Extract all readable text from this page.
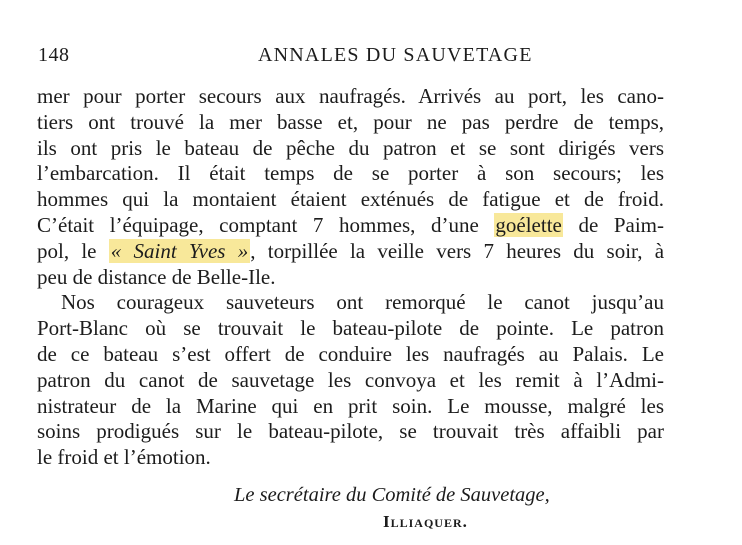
148	ANNALES DU SAUVETAGE
mer pour porter secours aux naufragés. Arrivés au port, les cano-
tiers ont trouvé la mer basse et, pour ne pas perdre de temps,
ils ont pris le bateau de pêche du patron et se sont dirigés vers
l’embarcation. Il était temps de se porter à son secours; les
hommes qui la montaient étaient exténués de fatigue et de froid.
C’était l’équipage, comptant 7 hommes, d’une goélette de Paim-
pol, le « Saint Yves », torpillée la veille vers 7 heures du soir, à
peu de distance de Belle-Ile.
Nos courageux sauveteurs ont remorqué le canot jusqu’au
Port-Blanc où se trouvait le bateau-pilote de pointe. Le patron
de ce bateau s’est offert de conduire les naufragés au Palais. Le
patron du canot de sauvetage les convoya et les remit à l’Admi-
nistrateur de la Marine qui en prit soin. Le mousse, malgré les
soins prodigués sur le bateau-pilote, se trouvait très affaibli par
le froid et l’émotion.
Le secrétaire du Comité de Sauvetage,
Illiaquer.
